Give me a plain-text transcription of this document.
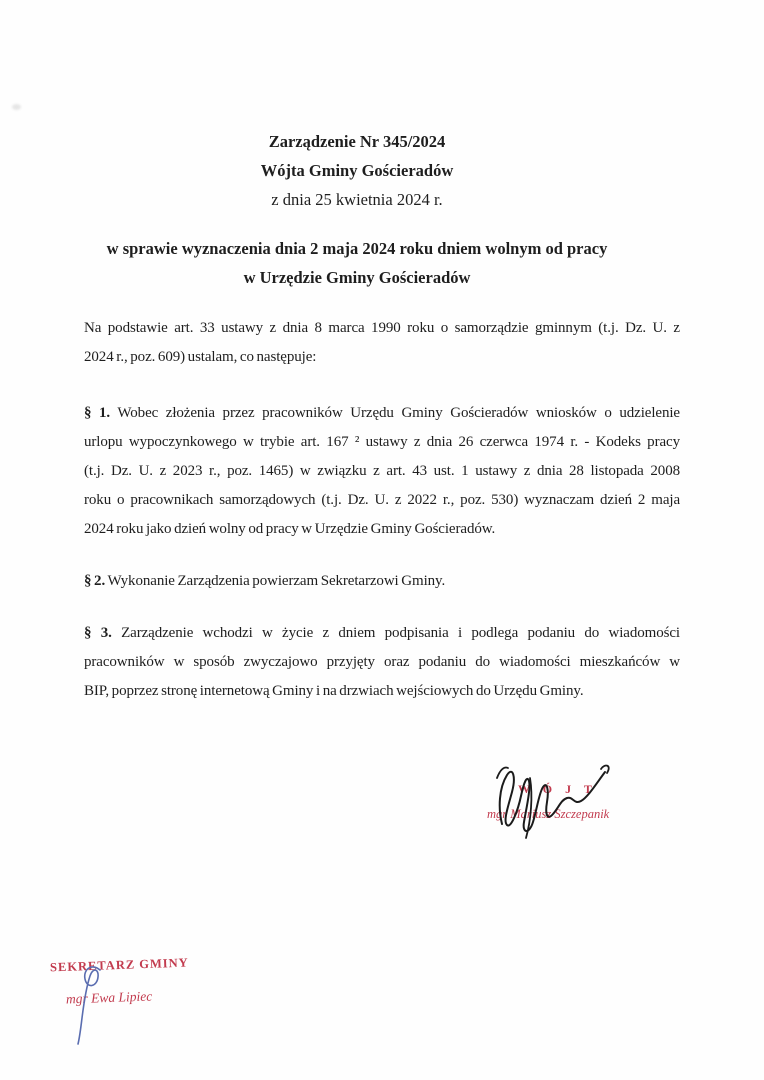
Zarządzenie Nr 345/2024
Wójta Gminy Gościeradów
z dnia 25 kwietnia 2024 r.
w sprawie wyznaczenia dnia 2 maja 2024 roku dniem wolnym od pracy
w Urzędzie Gminy Gościeradów
Na podstawie art. 33 ustawy z dnia 8 marca 1990 roku o samorządzie gminnym (t.j. Dz. U. z
2024 r., poz. 609) ustalam, co następuje:
§ 1. Wobec złożenia przez pracowników Urzędu Gminy Gościeradów wniosków o udzielenie
urlopu wypoczynkowego w trybie art. 167 ² ustawy z dnia 26 czerwca 1974 r. - Kodeks pracy
(t.j. Dz. U. z 2023 r., poz. 1465) w związku z art. 43 ust. 1 ustawy z dnia 28 listopada 2008
roku o pracownikach samorządowych (t.j. Dz. U. z 2022 r., poz. 530) wyznaczam dzień 2 maja
2024 roku jako dzień wolny od pracy w Urzędzie Gminy Gościeradów.
§ 2. Wykonanie Zarządzenia powierzam Sekretarzowi Gminy.
§ 3. Zarządzenie wchodzi w życie z dniem podpisania i podlega podaniu do wiadomości
pracowników w sposób zwyczajowo przyjęty oraz podaniu do wiadomości mieszkańców w
BIP, poprzez stronę internetową Gminy i na drzwiach wejściowych do Urzędu Gminy.
W Ó J T
mgr Mariusz Szczepanik
SEKRETARZ GMINY
mgr Ewa Lipiec
